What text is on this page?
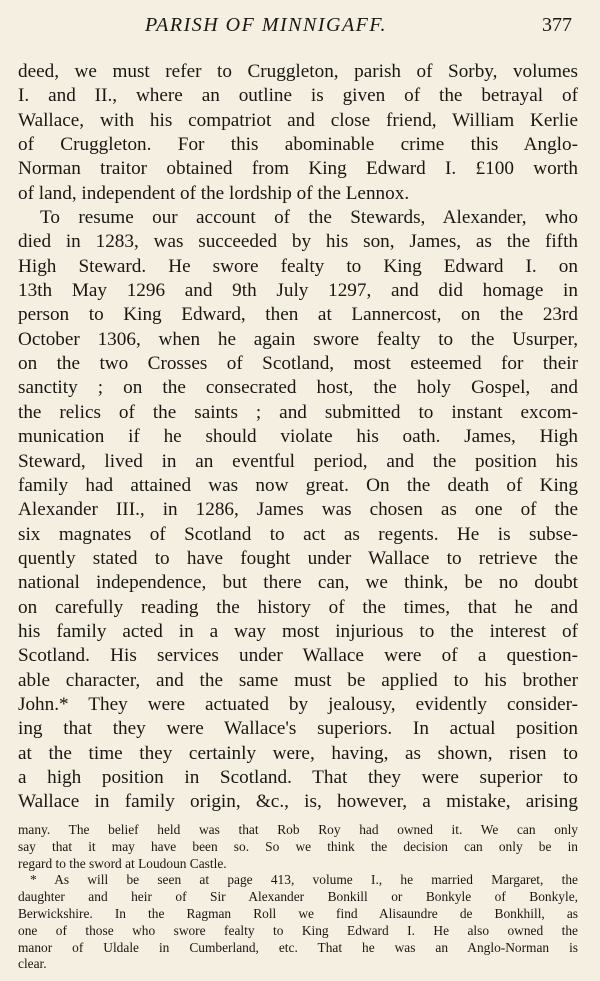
PARISH OF MINNIGAFF.	377
deed, we must refer to Cruggleton, parish of Sorby, volumes
I. and II., where an outline is given of the betrayal of
Wallace, with his compatriot and close friend, William Kerlie
of Cruggleton. For this abominable crime this Anglo-
Norman traitor obtained from King Edward I. £100 worth
of land, independent of the lordship of the Lennox.
To resume our account of the Stewards, Alexander, who
died in 1283, was succeeded by his son, James, as the fifth
High Steward. He swore fealty to King Edward I. on
13th May 1296 and 9th July 1297, and did homage in
person to King Edward, then at Lannercost, on the 23rd
October 1306, when he again swore fealty to the Usurper,
on the two Crosses of Scotland, most esteemed for their
sanctity ; on the consecrated host, the holy Gospel, and
the relics of the saints ; and submitted to instant excom-
munication if he should violate his oath. James, High
Steward, lived in an eventful period, and the position his
family had attained was now great. On the death of King
Alexander III., in 1286, James was chosen as one of the
six magnates of Scotland to act as regents. He is subse-
quently stated to have fought under Wallace to retrieve the
national independence, but there can, we think, be no doubt
on carefully reading the history of the times, that he and
his family acted in a way most injurious to the interest of
Scotland. His services under Wallace were of a question-
able character, and the same must be applied to his brother
John.* They were actuated by jealousy, evidently consider-
ing that they were Wallace's superiors. In actual position
at the time they certainly were, having, as shown, risen to
a high position in Scotland. That they were superior to
Wallace in family origin, &c., is, however, a mistake, arising
many. The belief held was that Rob Roy had owned it. We can only
say that it may have been so. So we think the decision can only be in
regard to the sword at Loudoun Castle.
* As will be seen at page 413, volume I., he married Margaret, the
daughter and heir of Sir Alexander Bonkill or Bonkyle of Bonkyle,
Berwickshire. In the Ragman Roll we find Alisaundre de Bonkhill, as
one of those who swore fealty to King Edward I. He also owned the
manor of Uldale in Cumberland, etc. That he was an Anglo-Norman is
clear.
